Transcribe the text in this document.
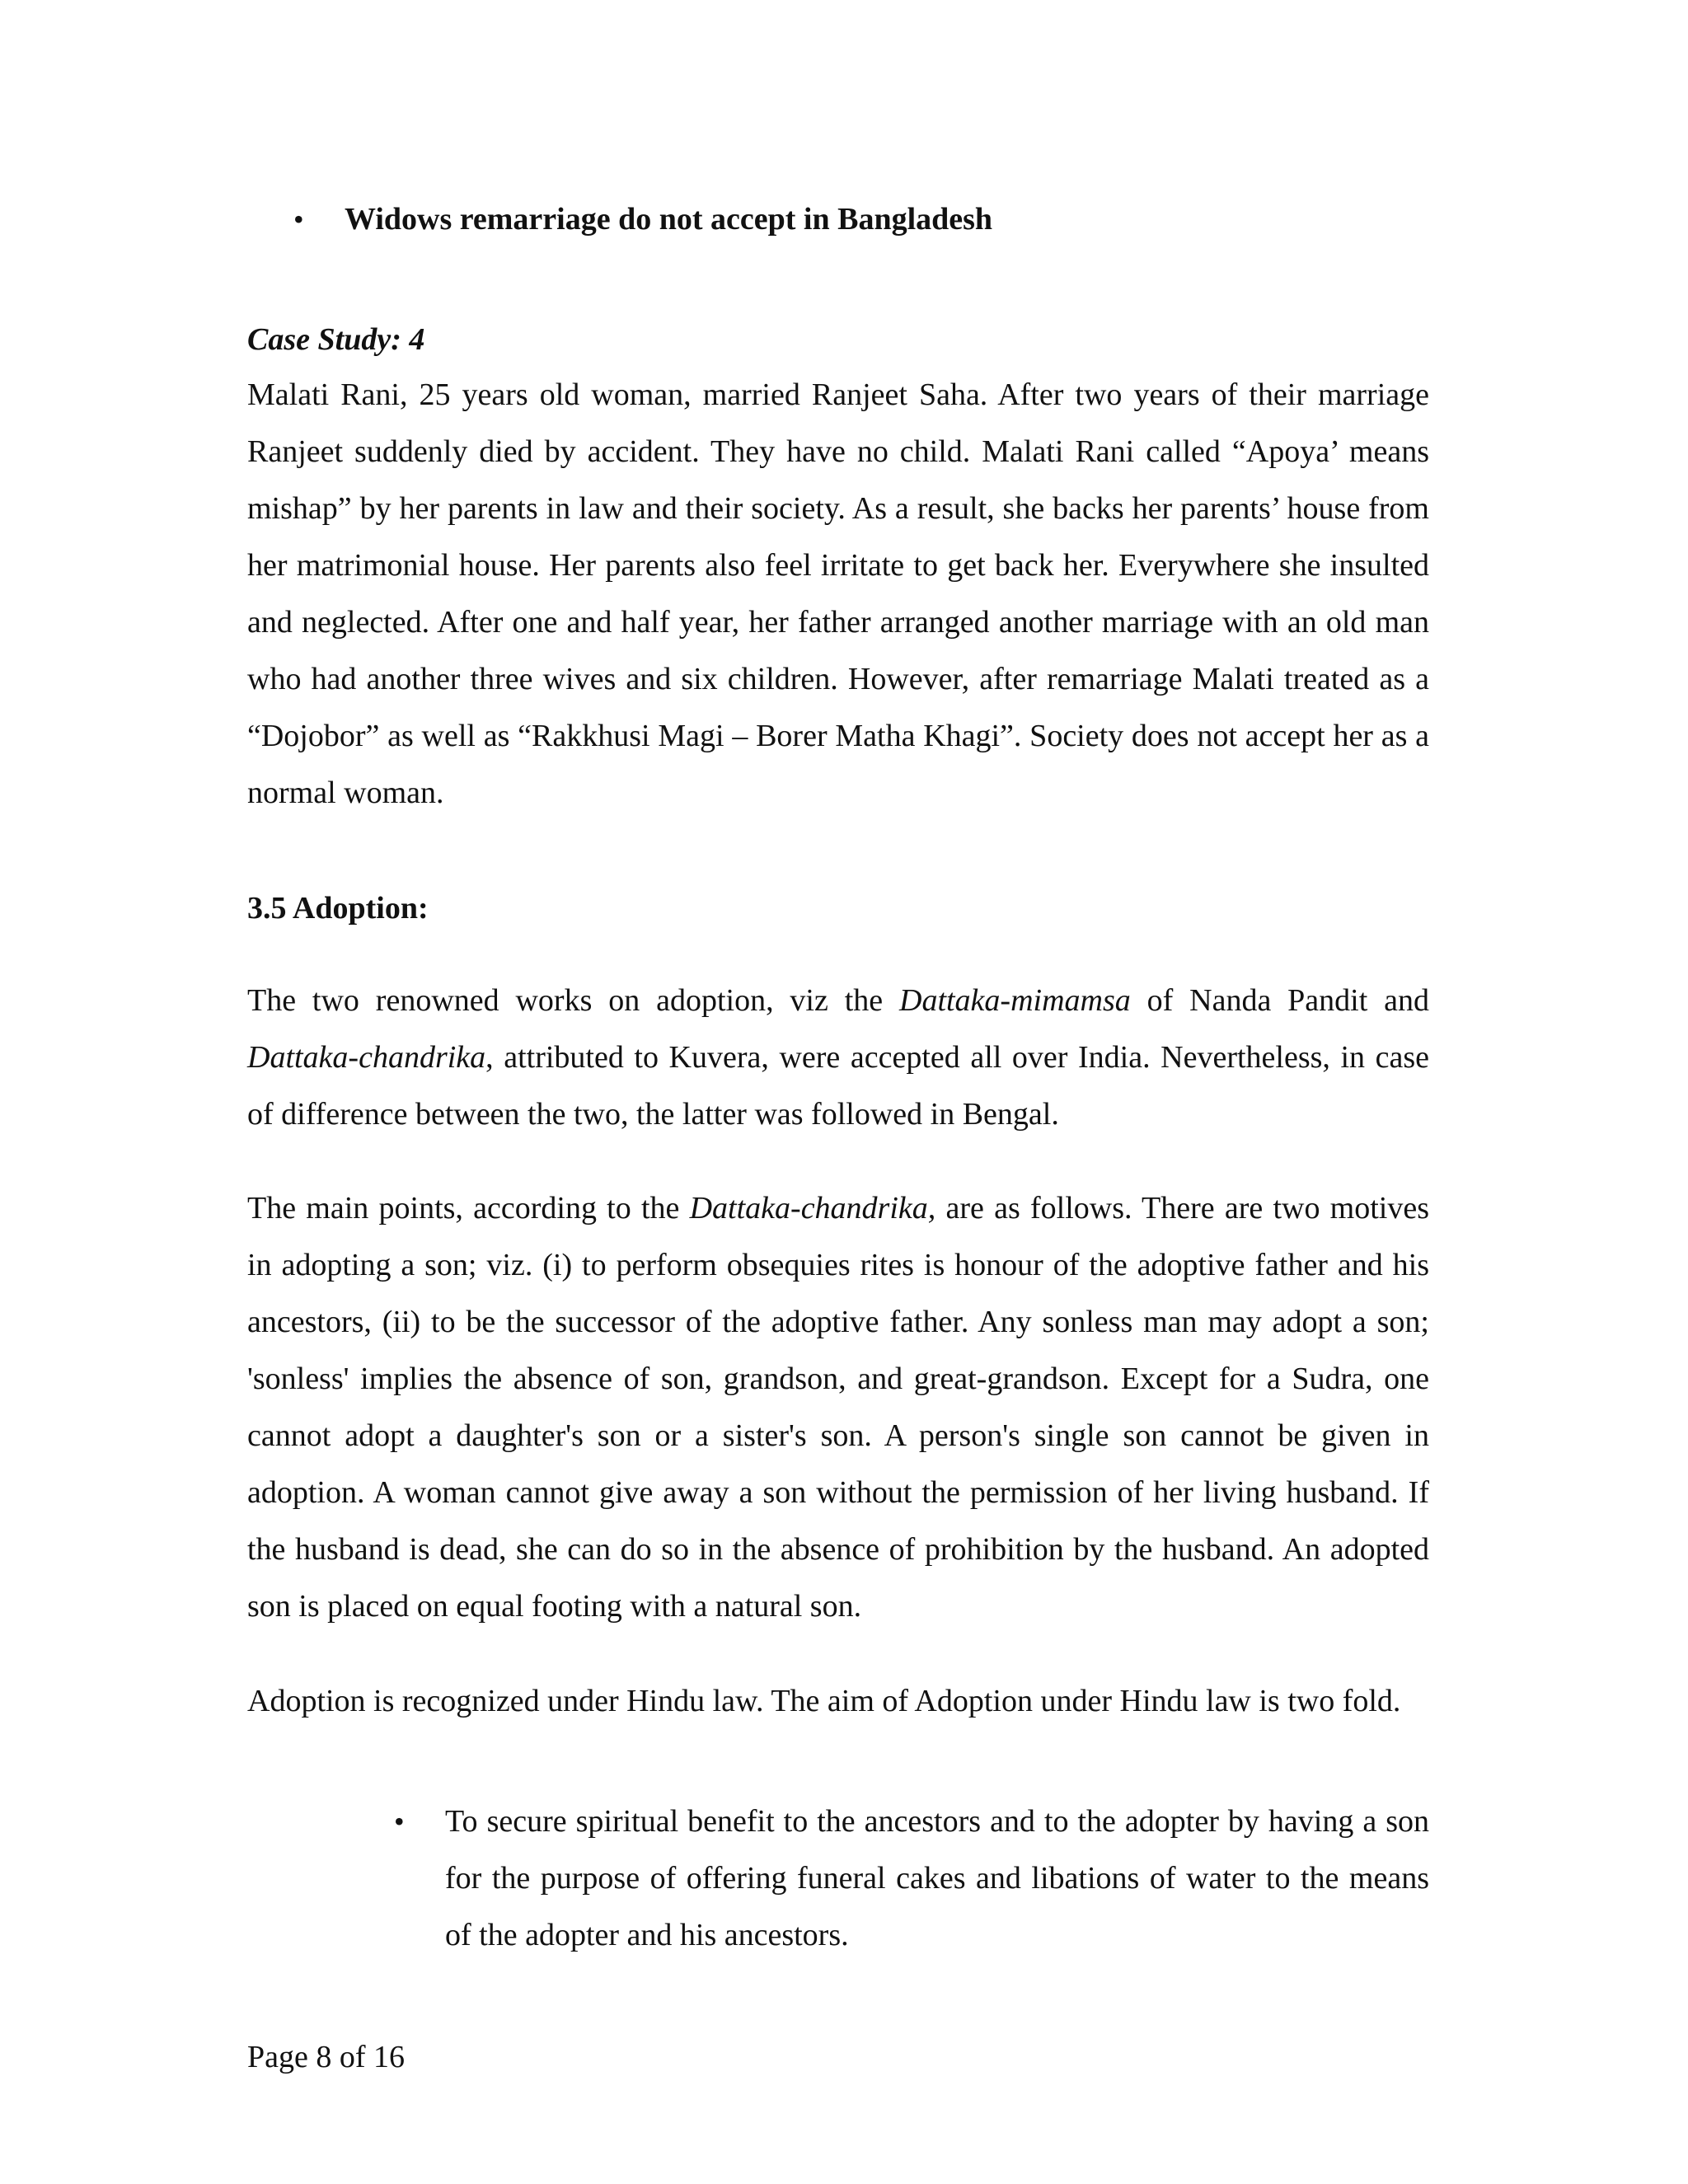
• Widows remarriage do not accept in Bangladesh

Case Study: 4

Malati Rani, 25 years old woman, married Ranjeet Saha. After two years of their marriage Ranjeet suddenly died by accident. They have no child. Malati Rani called “Apoya’ means mishap” by her parents in law and their society. As a result, she backs her parents’ house from her matrimonial house. Her parents also feel irritate to get back her. Everywhere she insulted and neglected. After one and half year, her father arranged another marriage with an old man who had another three wives and six children. However, after remarriage Malati treated as a “Dojobor” as well as “Rakkhusi Magi – Borer Matha Khagi”. Society does not accept her as a normal woman.

3.5 Adoption:

The two renowned works on adoption, viz the Dattaka-mimamsa of Nanda Pandit and Dattaka-chandrika, attributed to Kuvera, were accepted all over India. Nevertheless, in case of difference between the two, the latter was followed in Bengal.

The main points, according to the Dattaka-chandrika, are as follows. There are two motives in adopting a son; viz. (i) to perform obsequies rites is honour of the adoptive father and his ancestors, (ii) to be the successor of the adoptive father. Any sonless man may adopt a son; 'sonless' implies the absence of son, grandson, and great-grandson. Except for a Sudra, one cannot adopt a daughter's son or a sister's son. A person's single son cannot be given in adoption. A woman cannot give away a son without the permission of her living husband. If the husband is dead, she can do so in the absence of prohibition by the husband. An adopted son is placed on equal footing with a natural son.

Adoption is recognized under Hindu law. The aim of Adoption under Hindu law is two fold.

• To secure spiritual benefit to the ancestors and to the adopter by having a son for the purpose of offering funeral cakes and libations of water to the means of the adopter and his ancestors.

Page 8 of 16
